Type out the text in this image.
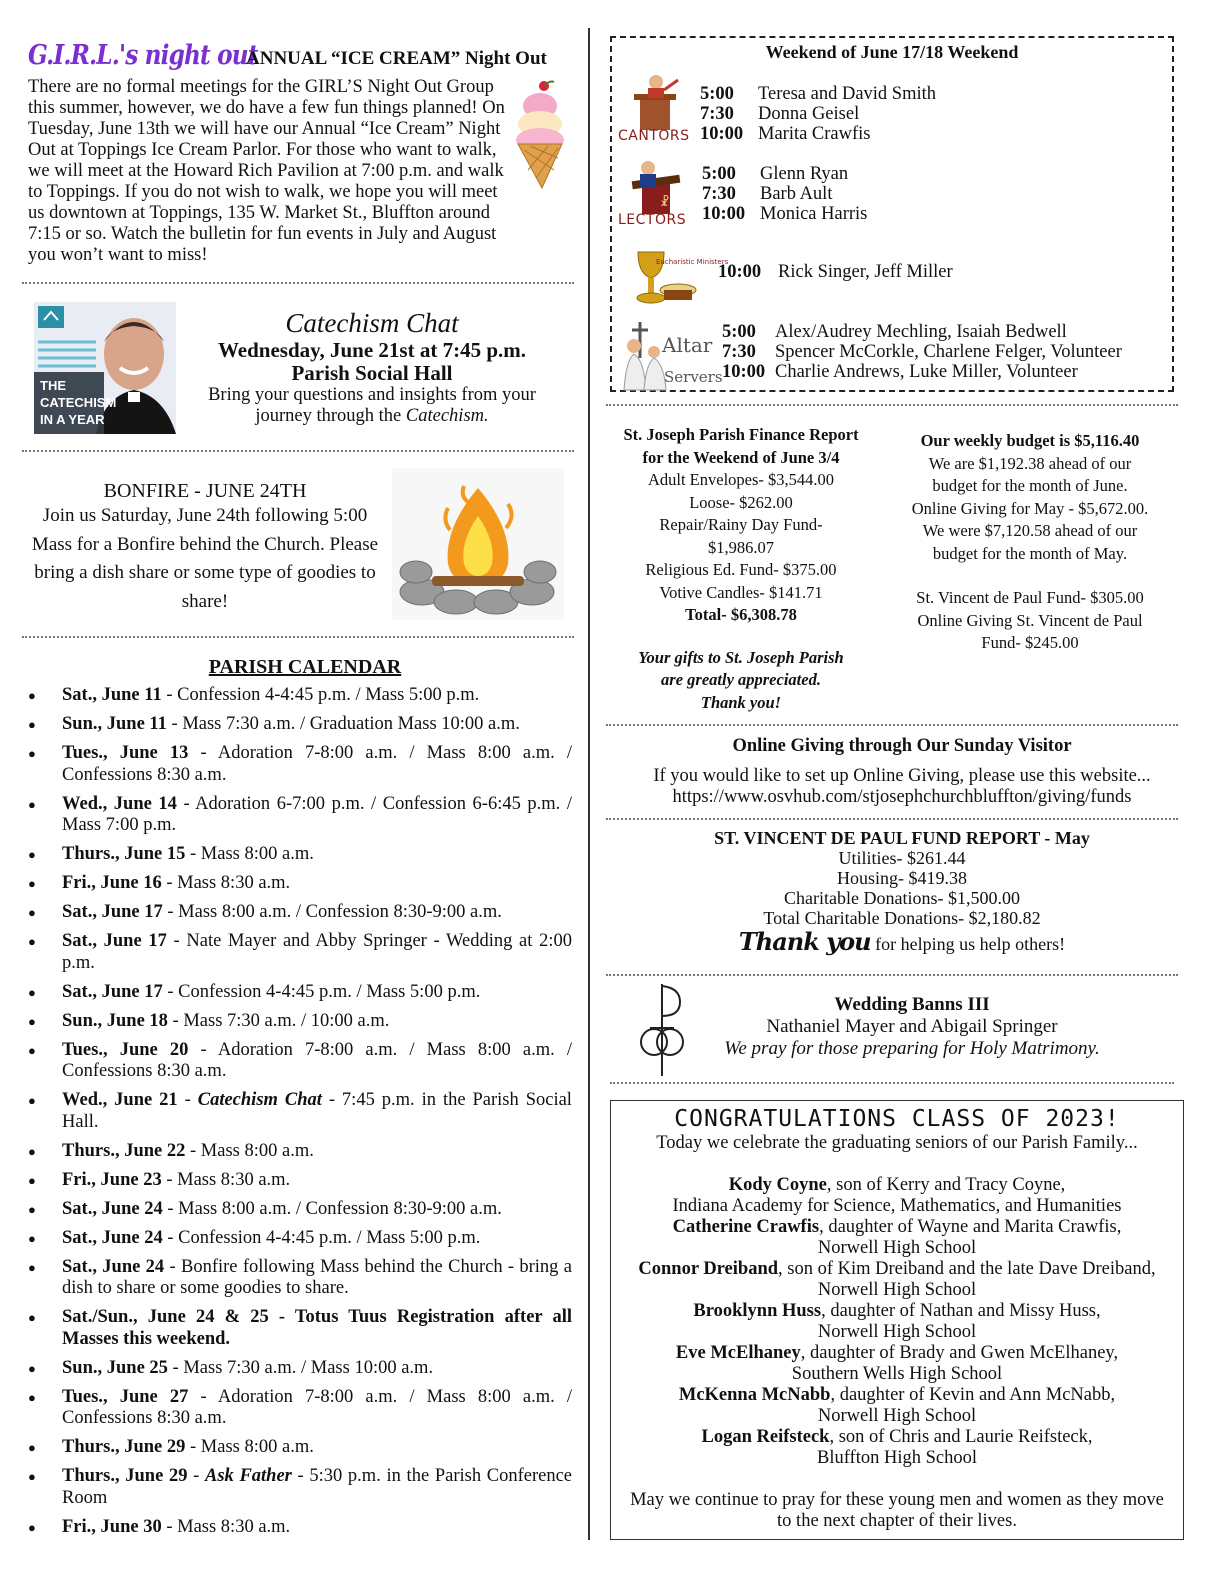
G.I.R.L.'s night out
ANNUAL “ICE CREAM” Night Out

There are no formal meetings for the GIRL’S Night Out Group this summer, however, we do have a few fun things planned! On Tuesday, June 13th we will have our Annual “Ice Cream” Night Out at Toppings Ice Cream Parlor. For those who want to walk, we will meet at the Howard Rich Pavilion at 7:00 p.m. and walk to Toppings. If you do not wish to walk, we hope you will meet us downtown at Toppings, 135 W. Market St., Bluffton around 7:15 or so. Watch the bulletin for fun events in July and August you won’t want to miss!

THE
CATECHISM
IN A YEAR
Catechism Chat
Wednesday, June 21st at 7:45 p.m.
Parish Social Hall
Bring your questions and insights from your journey through the Catechism.
BONFIRE - JUNE 24TH

Join us Saturday, June 24th following 5:00 Mass for a Bonfire behind the Church. Please bring a dish share or some type of goodies to share!

PARISH CALENDAR
● Sat., June 11 - Confession 4-4:45 p.m. / Mass 5:00 p.m.
● Sun., June 11 - Mass 7:30 a.m. / Graduation Mass 10:00 a.m.
● Tues., June 13 - Adoration 7-8:00 a.m. / Mass 8:00 a.m. / Confessions 8:30 a.m.
● Wed., June 14 - Adoration 6-7:00 p.m. / Confession 6-6:45 p.m. / Mass 7:00 p.m.
● Thurs., June 15 - Mass 8:00 a.m.
● Fri., June 16 - Mass 8:30 a.m.
● Sat., June 17 - Mass 8:00 a.m. / Confession 8:30-9:00 a.m.
● Sat., June 17 - Nate Mayer and Abby Springer - Wedding at 2:00 p.m.
● Sat., June 17 - Confession 4-4:45 p.m. / Mass 5:00 p.m.
● Sun., June 18 - Mass 7:30 a.m. / 10:00 a.m.
● Tues., June 20 - Adoration 7-8:00 a.m. / Mass 8:00 a.m. / Confessions 8:30 a.m.
● Wed., June 21 - Catechism Chat - 7:45 p.m. in the Parish Social Hall.
● Thurs., June 22 - Mass 8:00 a.m.
● Fri., June 23 - Mass 8:30 a.m.
● Sat., June 24 - Mass 8:00 a.m. / Confession 8:30-9:00 a.m.
● Sat., June 24 - Confession 4-4:45 p.m. / Mass 5:00 p.m.
● Sat., June 24 - Bonfire following Mass behind the Church - bring a dish to share or some goodies to share.
● Sat./Sun., June 24 & 25 - Totus Tuus Registration after all Masses this weekend.
● Sun., June 25 - Mass 7:30 a.m. / Mass 10:00 a.m.
● Tues., June 27 - Adoration 7-8:00 a.m. / Mass 8:00 a.m. / Confessions 8:30 a.m.
● Thurs., June 29 - Mass 8:00 a.m.
● Thurs., June 29 - Ask Father - 5:30 p.m. in the Parish Conference Room
● Fri., June 30 - Mass 8:30 a.m.
Weekend of June 17/18 Weekend
CANTORS
5:00 Teresa and David Smith
7:30 Donna Geisel
10:00 Marita Crawfis
☧
LECTORS
5:00 Glenn Ryan
7:30 Barb Ault
10:00 Monica Harris
Eucharistic Ministers
10:00 Rick Singer, Jeff Miller
Altar
Servers
5:00 Alex/Audrey Mechling, Isaiah Bedwell
7:30 Spencer McCorkle, Charlene Felger, Volunteer
10:00 Charlie Andrews, Luke Miller, Volunteer
St. Joseph Parish Finance Report
for the Weekend of June 3/4
Adult Envelopes- $3,544.00
Loose- $262.00
Repair/Rainy Day Fund-
$1,986.07
Religious Ed. Fund- $375.00
Votive Candles- $141.71
Total- $6,308.78
Your gifts to St. Joseph Parish
are greatly appreciated.
Thank you!
Our weekly budget is $5,116.40
We are $1,192.38 ahead of our
budget for the month of June.
Online Giving for May - $5,672.00.
We were $7,120.58 ahead of our
budget for the month of May.
St. Vincent de Paul Fund- $305.00
Online Giving St. Vincent de Paul
Fund- $245.00
Online Giving through Our Sunday Visitor
If you would like to set up Online Giving, please use this website...
https://www.osvhub.com/stjosephchurchbluffton/giving/funds
ST. VINCENT DE PAUL FUND REPORT - May
Utilities- $261.44
Housing- $419.38
Charitable Donations- $1,500.00
Total Charitable Donations- $2,180.82
Thank you for helping us help others!
Wedding Banns III
Nathaniel Mayer and Abigail Springer
We pray for those preparing for Holy Matrimony.
CONGRATULATIONS CLASS OF 2023!
Today we celebrate the graduating seniors of our Parish Family...
Kody Coyne, son of Kerry and Tracy Coyne,
Indiana Academy for Science, Mathematics, and Humanities
Catherine Crawfis, daughter of Wayne and Marita Crawfis,
Norwell High School
Connor Dreiband, son of Kim Dreiband and the late Dave Dreiband,
Norwell High School
Brooklynn Huss, daughter of Nathan and Missy Huss,
Norwell High School
Eve McElhaney, daughter of Brady and Gwen McElhaney,
Southern Wells High School
McKenna McNabb, daughter of Kevin and Ann McNabb,
Norwell High School
Logan Reifsteck, son of Chris and Laurie Reifsteck,
Bluffton High School
May we continue to pray for these young men and women as they move to the next chapter of their lives.
